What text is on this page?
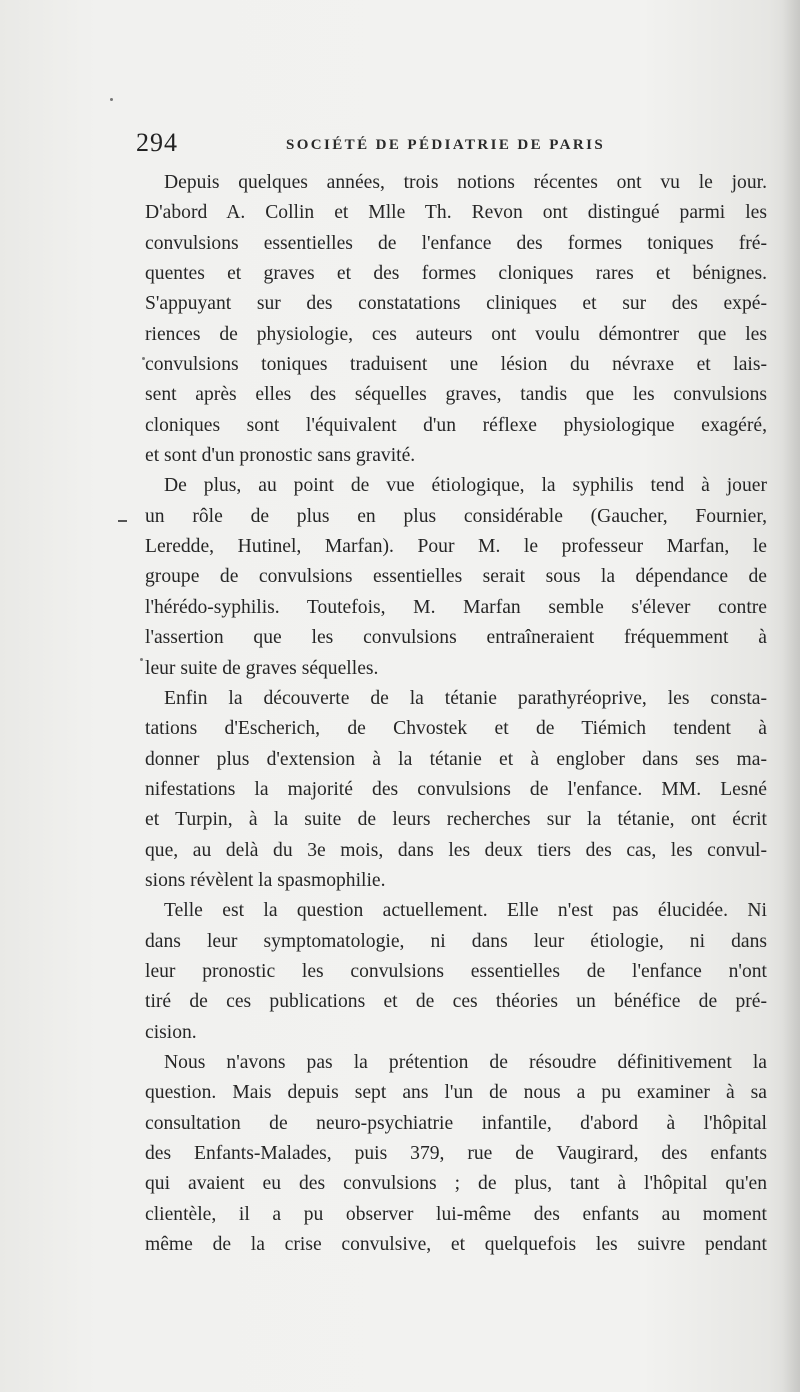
294	SOCIÉTÉ DE PÉDIATRIE DE PARIS
Depuis quelques années, trois notions récentes ont vu le jour.
D'abord A. Collin et Mlle Th. Revon ont distingué parmi les
convulsions essentielles de l'enfance des formes toniques fré-
quentes et graves et des formes cloniques rares et bénignes.
S'appuyant sur des constatations cliniques et sur des expé-
riences de physiologie, ces auteurs ont voulu démontrer que les
convulsions toniques traduisent une lésion du névraxe et lais-
sent après elles des séquelles graves, tandis que les convulsions
cloniques sont l'équivalent d'un réflexe physiologique exagéré,
et sont d'un pronostic sans gravité.
De plus, au point de vue étiologique, la syphilis tend à jouer
un rôle de plus en plus considérable (Gaucher, Fournier,
Leredde, Hutinel, Marfan). Pour M. le professeur Marfan, le
groupe de convulsions essentielles serait sous la dépendance de
l'hérédo-syphilis. Toutefois, M. Marfan semble s'élever contre
l'assertion que les convulsions entraîneraient fréquemment à
leur suite de graves séquelles.
Enfin la découverte de la tétanie parathyréoprive, les consta-
tations d'Escherich, de Chvostek et de Tiémich tendent à
donner plus d'extension à la tétanie et à englober dans ses ma-
nifestations la majorité des convulsions de l'enfance. MM. Lesné
et Turpin, à la suite de leurs recherches sur la tétanie, ont écrit
que, au delà du 3e mois, dans les deux tiers des cas, les convul-
sions révèlent la spasmophilie.
Telle est la question actuellement. Elle n'est pas élucidée. Ni
dans leur symptomatologie, ni dans leur étiologie, ni dans
leur pronostic les convulsions essentielles de l'enfance n'ont
tiré de ces publications et de ces théories un bénéfice de pré-
cision.
Nous n'avons pas la prétention de résoudre définitivement la
question. Mais depuis sept ans l'un de nous a pu examiner à sa
consultation de neuro-psychiatrie infantile, d'abord à l'hôpital
des Enfants-Malades, puis 379, rue de Vaugirard, des enfants
qui avaient eu des convulsions ; de plus, tant à l'hôpital qu'en
clientèle, il a pu observer lui-même des enfants au moment
même de la crise convulsive, et quelquefois les suivre pendant
